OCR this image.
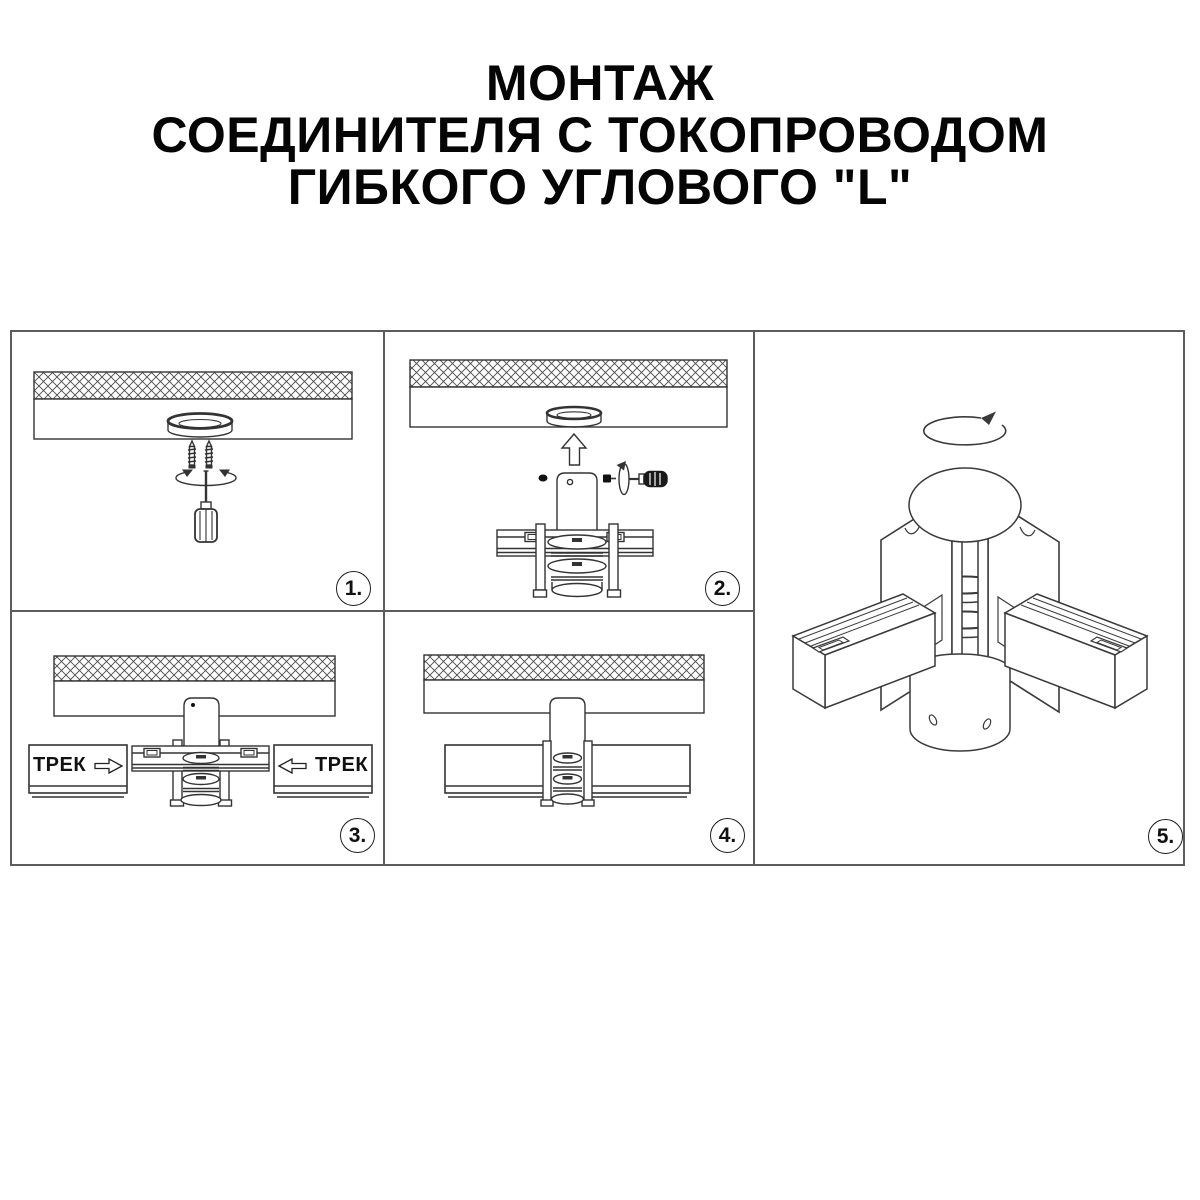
МОНТАЖ
СОЕДИНИТЕЛЯ С ТОКОПРОВОДОМ
ГИБКОГО УГЛОВОГО "L"
1.	2.
ТРЕК	ТРЕК
3.	4.	5.
